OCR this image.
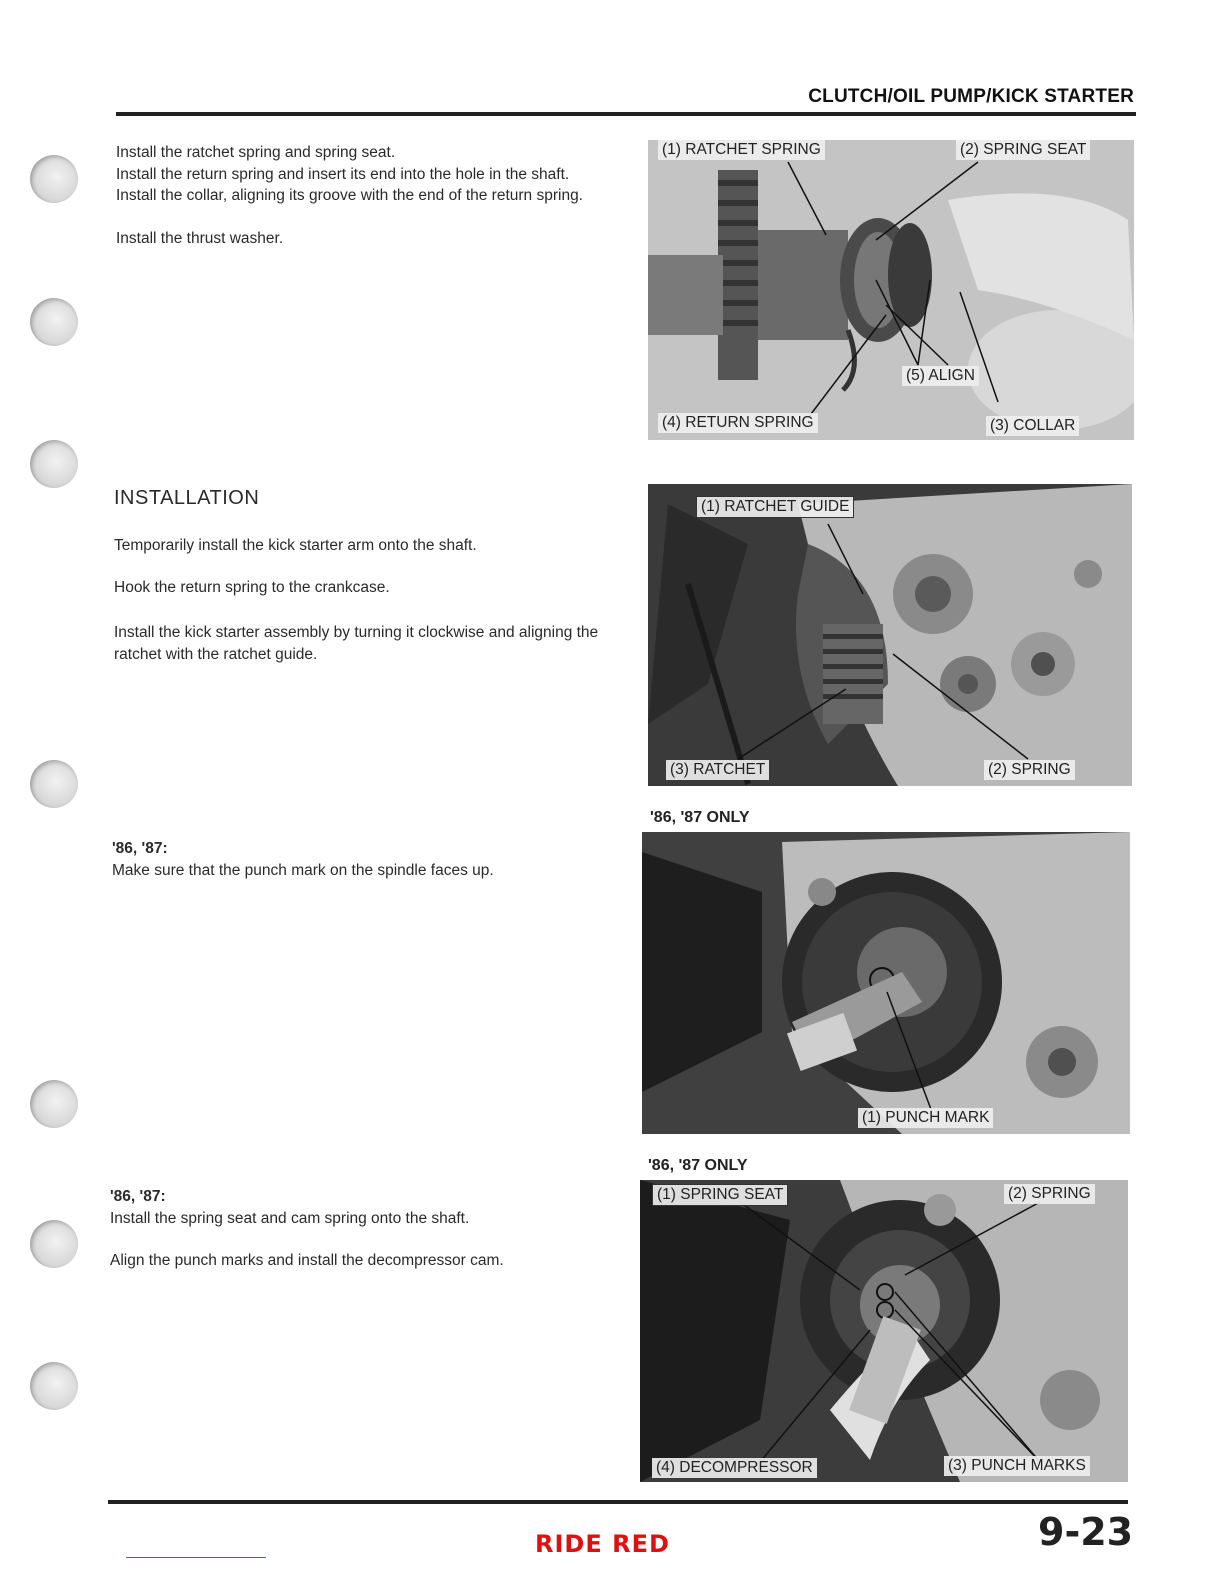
CLUTCH/OIL PUMP/KICK STARTER

Install the ratchet spring and spring seat.

Install the return spring and insert its end into the hole in the shaft.

Install the collar, aligning its groove with the end of the return spring.

Install the thrust washer.

(1) RATCHET SPRING	(2) SPRING SEAT
(5) ALIGN
(4) RETURN SPRING	(3) COLLAR
INSTALLATION

Temporarily install the kick starter arm onto the shaft.

Hook the return spring to the crankcase.

Install the kick starter assembly by turning it clockwise and aligning the ratchet with the ratchet guide.

(1) RATCHET GUIDE
(3) RATCHET	(2) SPRING
'86, '87:
Make sure that the punch mark on the spindle faces up.
'86, '87 ONLY
(1) PUNCH MARK
'86, '87:

Install the spring seat and cam spring onto the shaft.

Align the punch marks and install the decompressor cam.

'86, '87 ONLY
(1) SPRING SEAT	(2) SPRING
(4) DECOMPRESSOR	(3) PUNCH MARKS
RIDE RED	9-23
